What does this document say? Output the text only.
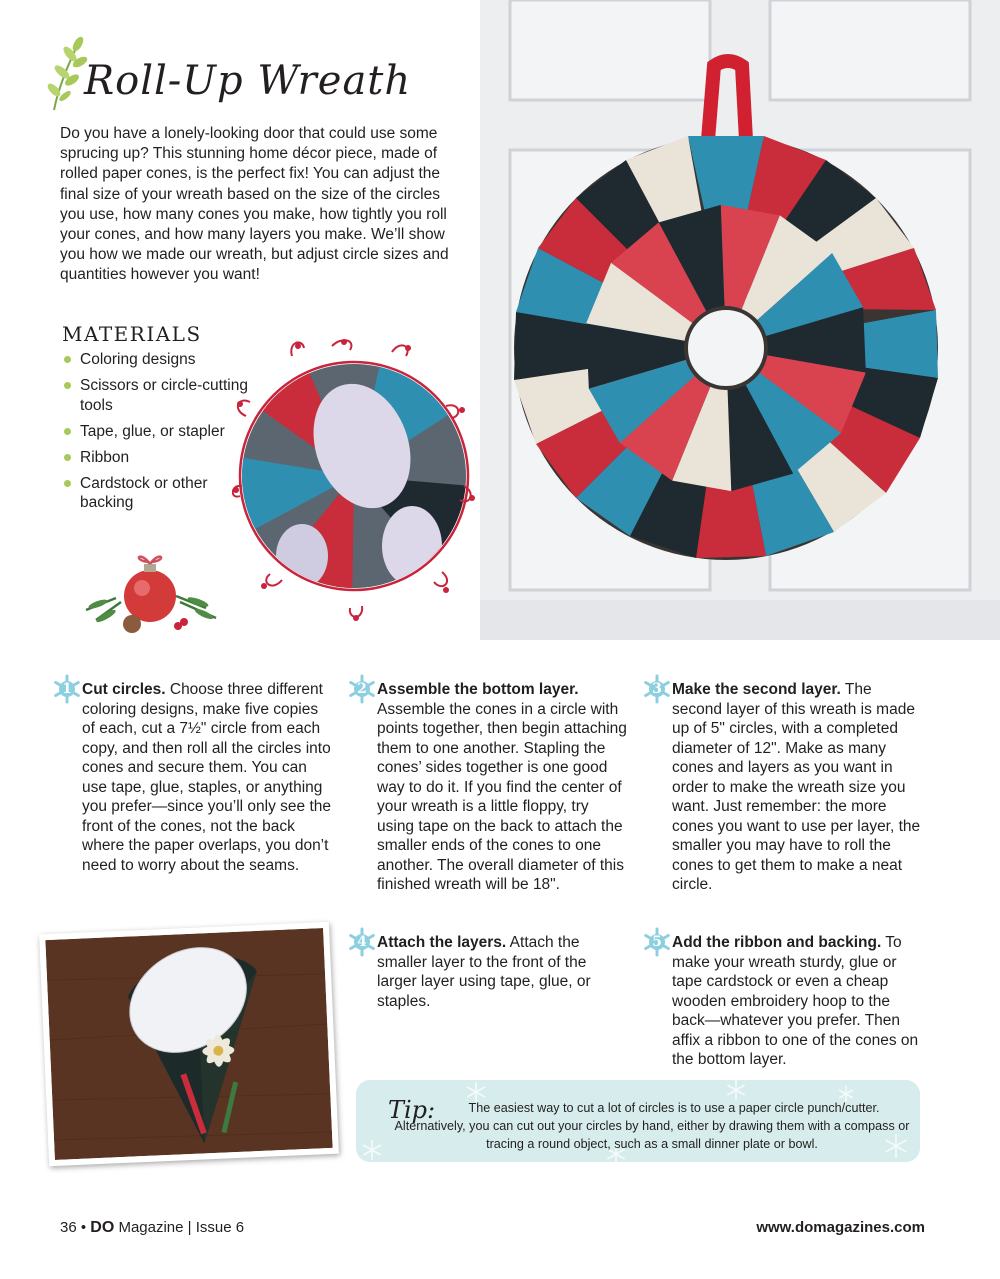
Roll-Up Wreath

Do you have a lonely-looking door that could use some sprucing up? This stunning home décor piece, made of rolled paper cones, is the perfect fix! You can adjust the final size of your wreath based on the size of the circles you use, how many cones you make, how tightly you roll your cones, and how many layers you make. We’ll show you how we made our wreath, but adjust circle sizes and quantities however you want!

MATERIALS
Coloring designs
Scissors or circle-cutting tools
Tape, glue, or stapler
Ribbon
Cardstock or other backing
1 Cut circles. Choose three different coloring designs, make five copies of each, cut a 7½" circle from each copy, and then roll all the circles into cones and secure them. You can use tape, glue, staples, or anything you prefer—since you’ll only see the front of the cones, not the back where the paper overlaps, you don’t need to worry about the seams.
2 Assemble the bottom layer. Assemble the cones in a circle with points together, then begin attaching them to one another. Stapling the cones’ sides together is one good way to do it. If you find the center of your wreath is a little floppy, try using tape on the back to attach the smaller ends of the cones to one another. The overall diameter of this finished wreath will be 18".
3 Make the second layer. The second layer of this wreath is made up of 5" circles, with a completed diameter of 12". Make as many cones and layers as you want in order to make the wreath size you want. Just remember: the more cones you want to use per layer, the smaller you may have to roll the cones to get them to make a neat circle.
4 Attach the layers. Attach the smaller layer to the front of the larger layer using tape, glue, or staples.
5 Add the ribbon and backing. To make your wreath sturdy, glue or tape cardstock or even a cheap wooden embroidery hoop to the back—whatever you prefer. Then affix a ribbon to one of the cones on the bottom layer.
Tip:	The easiest way to cut a lot of circles is to use a paper circle punch/cutter. Alternatively, you can cut out your circles by hand, either by drawing them with a compass or tracing a round object, such as a small dinner plate or bowl.
36 • DO Magazine | Issue 6	www.domagazines.com
